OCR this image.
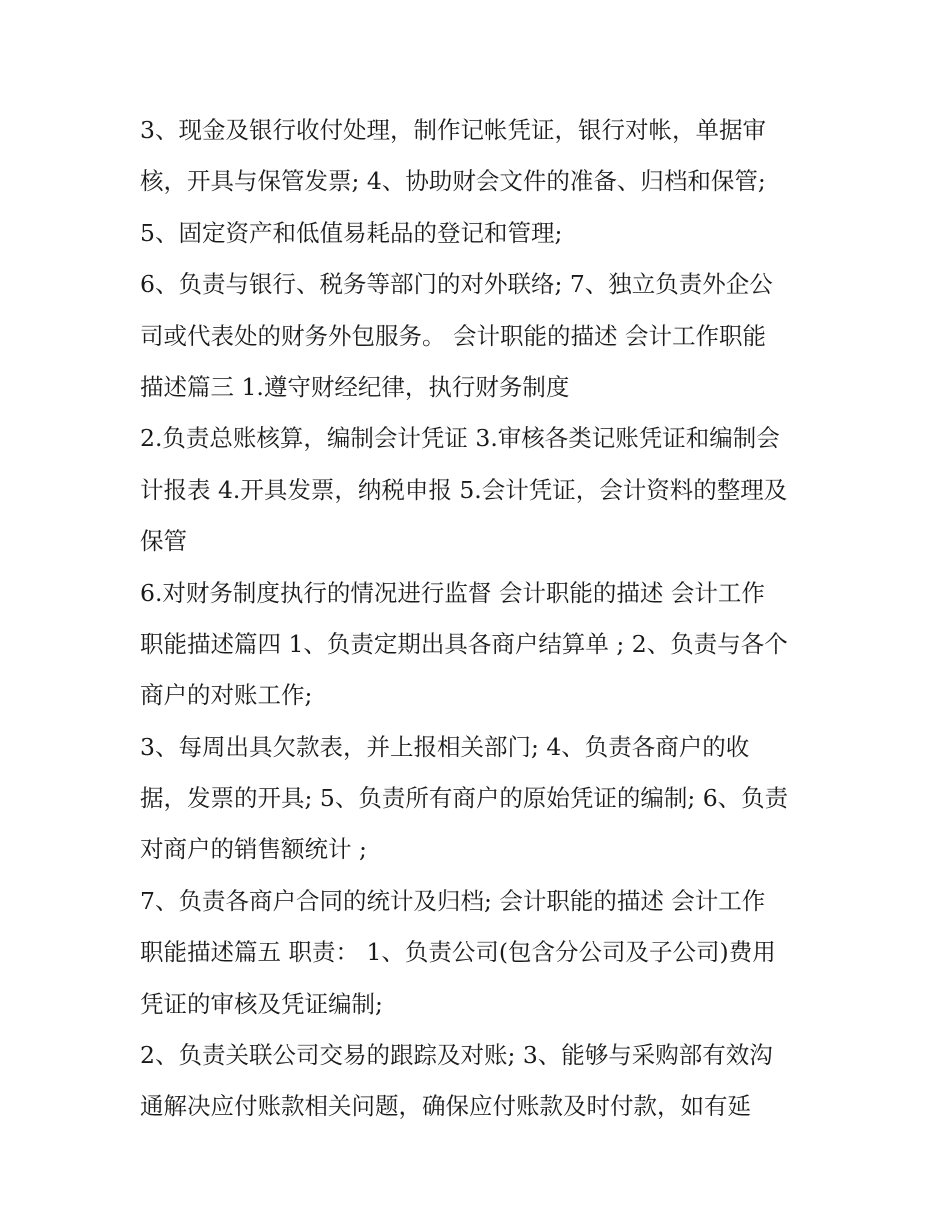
3、现金及银行收付处理，制作记帐凭证，银行对帐，单据审
核，开具与保管发票; 4、协助财会文件的准备、归档和保管;
5、固定资产和低值易耗品的登记和管理;
6、负责与银行、税务等部门的对外联络; 7、独立负责外企公
司或代表处的财务外包服务。 会计职能的描述 会计工作职能
描述篇三 1.遵守财经纪律，执行财务制度
2.负责总账核算，编制会计凭证 3.审核各类记账凭证和编制会
计报表 4.开具发票，纳税申报 5.会计凭证，会计资料的整理及
保管
6.对财务制度执行的情况进行监督 会计职能的描述 会计工作
职能描述篇四 1、负责定期出具各商户结算单 ; 2、负责与各个
商户的对账工作;
3、每周出具欠款表，并上报相关部门; 4、负责各商户的收
据，发票的开具; 5、负责所有商户的原始凭证的编制; 6、负责
对商户的销售额统计 ;
7、负责各商户合同的统计及归档; 会计职能的描述 会计工作
职能描述篇五 职责： 1、负责公司(包含分公司及子公司)费用
凭证的审核及凭证编制;
2、负责关联公司交易的跟踪及对账; 3、能够与采购部有效沟
通解决应付账款相关问题，确保应付账款及时付款，如有延
